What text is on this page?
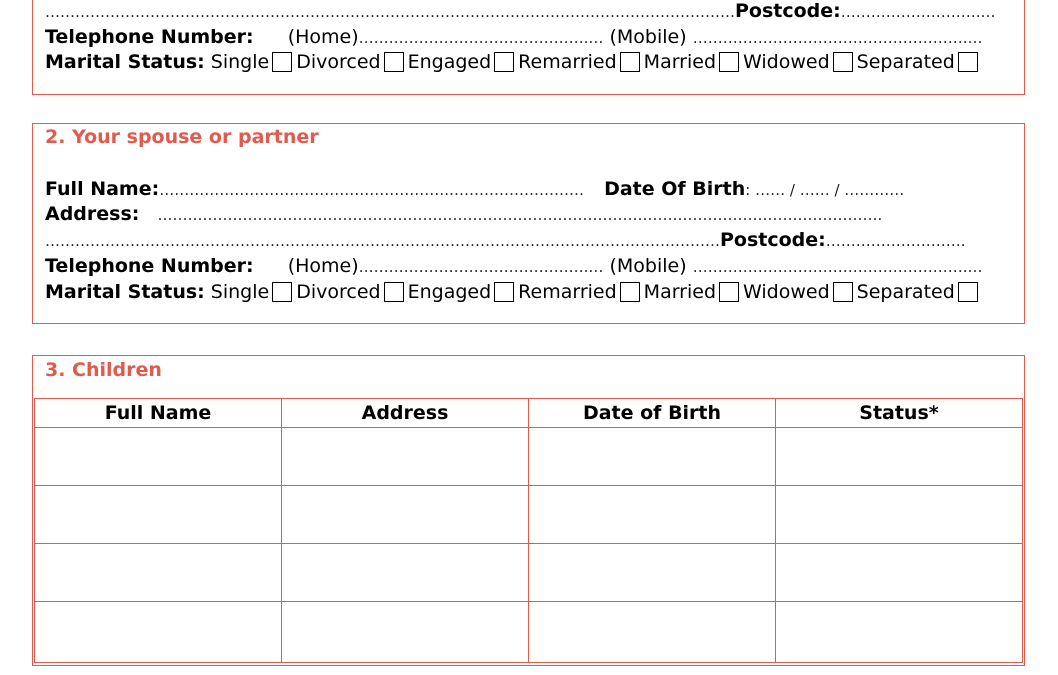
…………………………………………………………………………………………………………………………Postcode:……………………….…
Telephone Number: (Home)……………………………………….… (Mobile) ……………………………………………….…
Marital Status: Single Divorced Engaged Remarried Married Widowed Separated
2. Your spouse or partner
Full Name:………………………………………………….……………………… Date Of Birth: …… / …… / …………
Address: ……………………………………………………………………………………………………………………………….
………………………………………………………………………………………………………………………Postcode:……………………….
Telephone Number: (Home)……………………………………….… (Mobile) ……………………………………………….…
Marital Status: Single Divorced Engaged Remarried Married Widowed Separated
3. Children
Full Name	Address	Date of Birth	Status*
